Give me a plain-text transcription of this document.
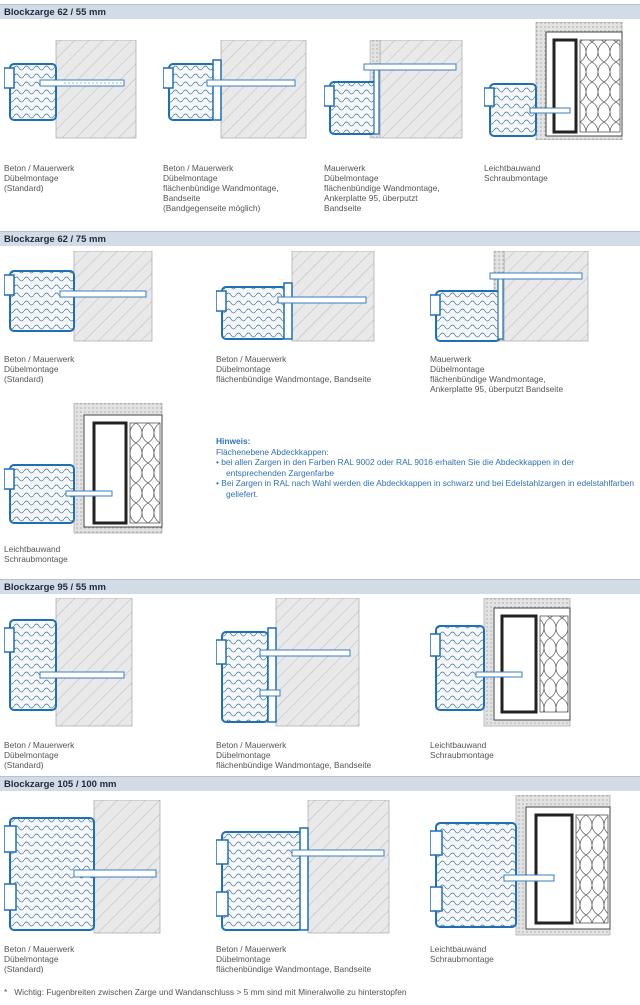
Blockzarge 62 / 55 mm
Blockzarge 62 / 75 mm
Blockzarge 95 / 55 mm
Blockzarge 105 / 100 mm
Beton / Mauerwerk
Dübelmontage
(Standard)
Beton / Mauerwerk
Dübelmontage
flächenbündige Wandmontage,
Bandseite
(Bandgegenseite möglich)
Mauerwerk
Dübelmontage
flächenbündige Wandmontage,
Ankerplatte 95, überputzt
Bandseite
Leichtbauwand
Schraubmontage
Beton / Mauerwerk
Dübelmontage
(Standard)
Beton / Mauerwerk
Dübelmontage
flächenbündige Wandmontage, Bandseite
Mauerwerk
Dübelmontage
flächenbündige Wandmontage,
Ankerplatte 95, überputzt Bandseite
Leichtbauwand
Schraubmontage
Hinweis:
Flächenebene Abdeckkappen:
• bei allen Zargen in den Farben RAL 9002 oder RAL 9016 erhalten Sie die Abdeckkappen in der entsprechenden Zargenfarbe
• Bei Zargen in RAL nach Wahl werden die Abdeckkappen in schwarz und bei Edelstahlzargen in edelstahlfarben geliefert.
Beton / Mauerwerk
Dübelmontage
(Standard)
Beton / Mauerwerk
Dübelmontage
flächenbündige Wandmontage, Bandseite
Leichtbauwand
Schraubmontage
Beton / Mauerwerk
Dübelmontage
(Standard)
Beton / Mauerwerk
Dübelmontage
flächenbündige Wandmontage, Bandseite
Leichtbauwand
Schraubmontage
*   Wichtig: Fugenbreiten zwischen Zarge und Wandanschluss > 5 mm sind mit Mineralwolle zu hinterstopfen
